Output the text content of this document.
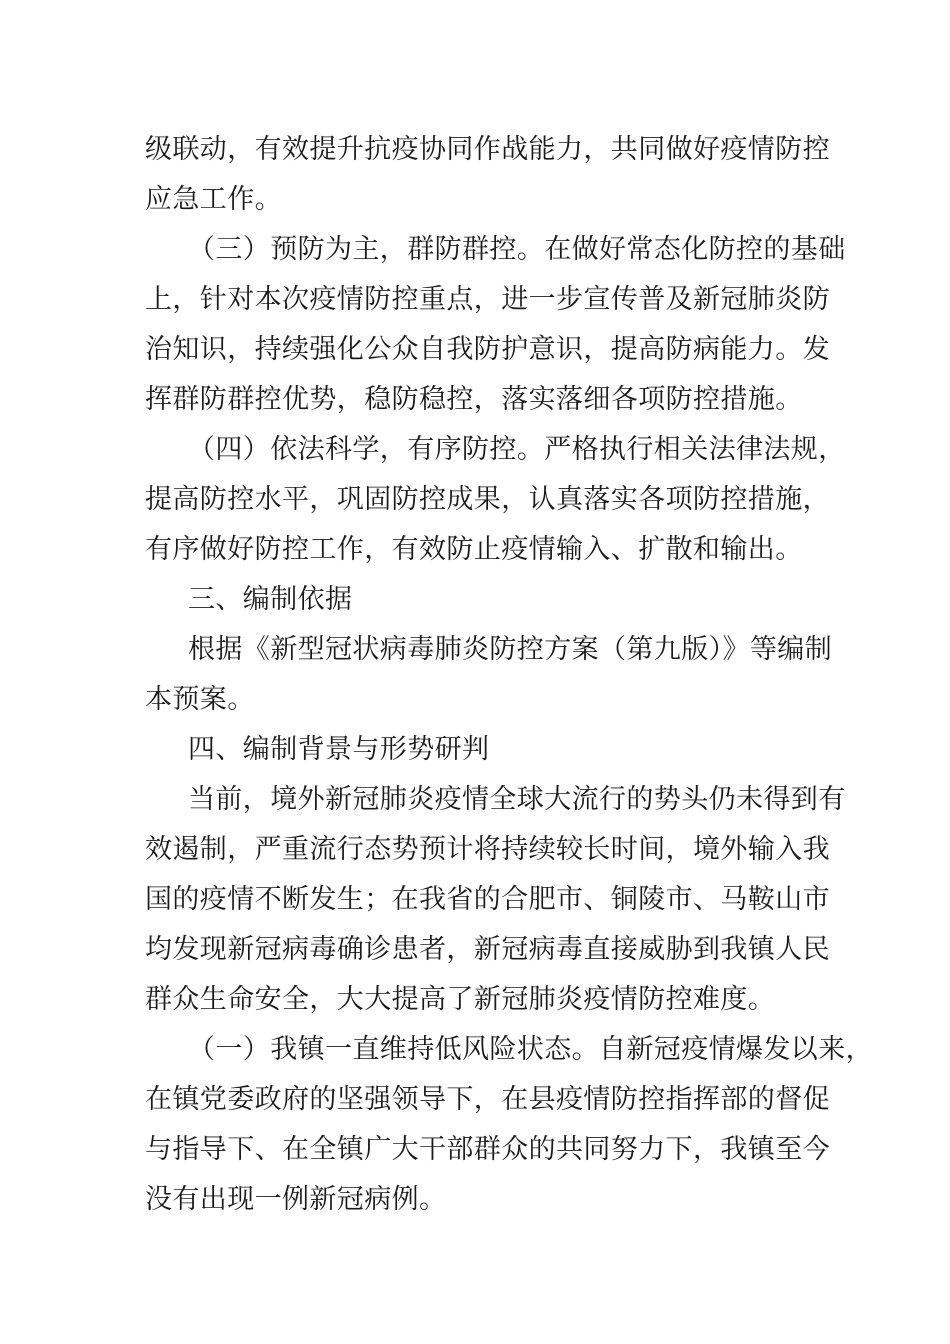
级联动，有效提升抗疫协同作战能力，共同做好疫情防控
应急工作。
（三）预防为主，群防群控。在做好常态化防控的基础
上，针对本次疫情防控重点，进一步宣传普及新冠肺炎防
治知识，持续强化公众自我防护意识，提高防病能力。发
挥群防群控优势，稳防稳控，落实落细各项防控措施。
（四）依法科学，有序防控。严格执行相关法律法规，
提高防控水平，巩固防控成果，认真落实各项防控措施，
有序做好防控工作，有效防止疫情输入、扩散和输出。
三、编制依据
根据《新型冠状病毒肺炎防控方案（第九版）》等编制
本预案。
四、编制背景与形势研判
当前，境外新冠肺炎疫情全球大流行的势头仍未得到有
效遏制，严重流行态势预计将持续较长时间，境外输入我
国的疫情不断发生；在我省的合肥市、铜陵市、马鞍山市
均发现新冠病毒确诊患者，新冠病毒直接威胁到我镇人民
群众生命安全，大大提高了新冠肺炎疫情防控难度。
（一）我镇一直维持低风险状态。自新冠疫情爆发以来，
在镇党委政府的坚强领导下，在县疫情防控指挥部的督促
与指导下、在全镇广大干部群众的共同努力下，我镇至今
没有出现一例新冠病例。
